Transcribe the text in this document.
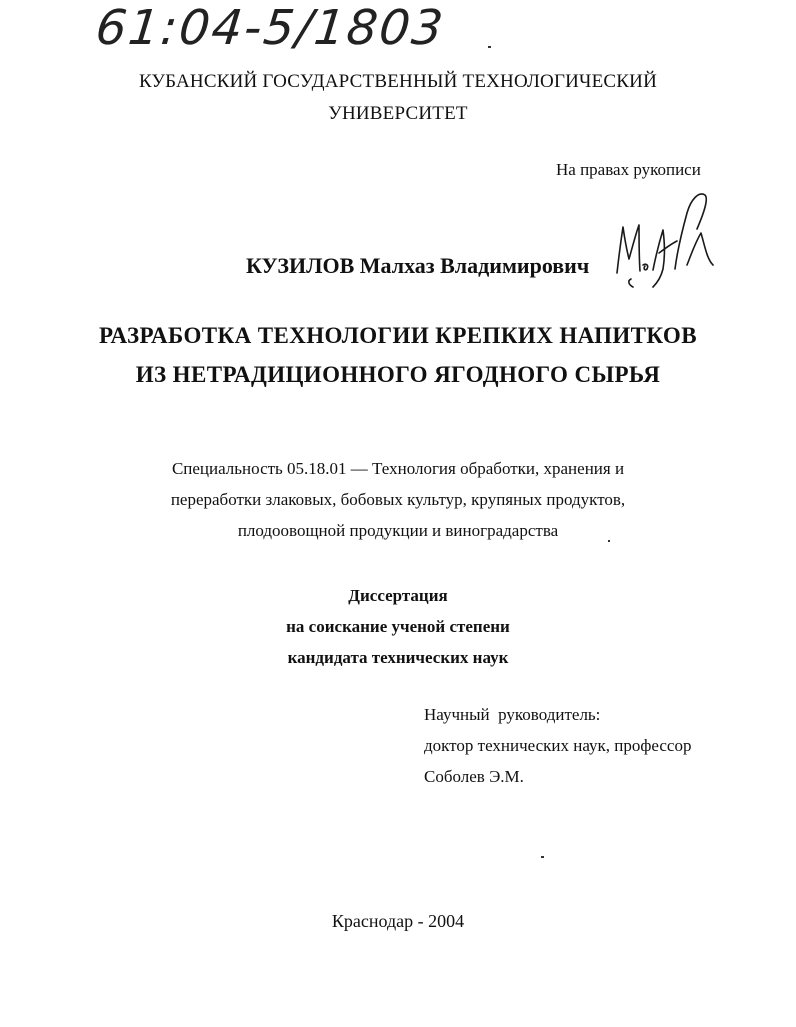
61:04-5/1803
КУБАНСКИЙ ГОСУДАРСТВЕННЫЙ ТЕХНОЛОГИЧЕСКИЙ
УНИВЕРСИТЕТ
На правах рукописи
КУЗИЛОВ Малхаз Владимирович
РАЗРАБОТКА ТЕХНОЛОГИИ КРЕПКИХ НАПИТКОВ
ИЗ НЕТРАДИЦИОННОГО ЯГОДНОГО СЫРЬЯ
Специальность 05.18.01 — Технология обработки, хранения и
переработки злаковых, бобовых культур, крупяных продуктов,
плодоовощной продукции и виноградарства
Диссертация
на соискание ученой степени
кандидата технических наук
Научный  руководитель:
доктор технических наук, профессор
Соболев Э.М.
Краснодар - 2004
